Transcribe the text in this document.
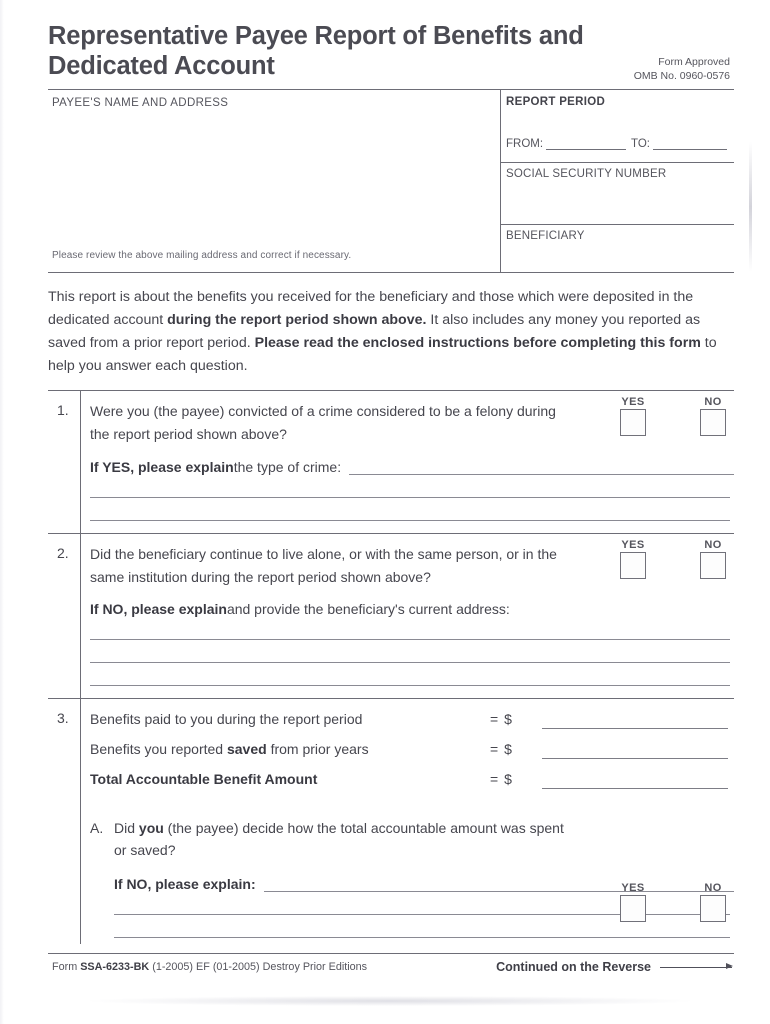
Representative Payee Report of Benefits and Dedicated Account	Form Approved
OMB No. 0960-0576
PAYEE'S NAME AND ADDRESS	REPORT PERIOD
FROM:	TO:
SOCIAL SECURITY NUMBER
BENEFICIARY
Please review the above mailing address and correct if necessary.
This report is about the benefits you received for the beneficiary and those which were deposited in the dedicated account during the report period shown above. It also includes any money you reported as saved from a prior report period. Please read the enclosed instructions before completing this form to help you answer each question.
1. Were you (the payee) convicted of a crime considered to be a felony during the report period shown above?
YES	NO
If YES, please explain the type of crime:
2. Did the beneficiary continue to live alone, or with the same person, or in the same institution during the report period shown above?
YES	NO
If NO, please explain and provide the beneficiary's current address:
3. Benefits paid to you during the report period	= $
Benefits you reported saved from prior years	= $
Total Accountable Benefit Amount	= $
A. Did you (the payee) decide how the total accountable amount was spent or saved?
YES	NO
If NO, please explain:
Form SSA-6233-BK (1-2005) EF (01-2005) Destroy Prior Editions	Continued on the Reverse
